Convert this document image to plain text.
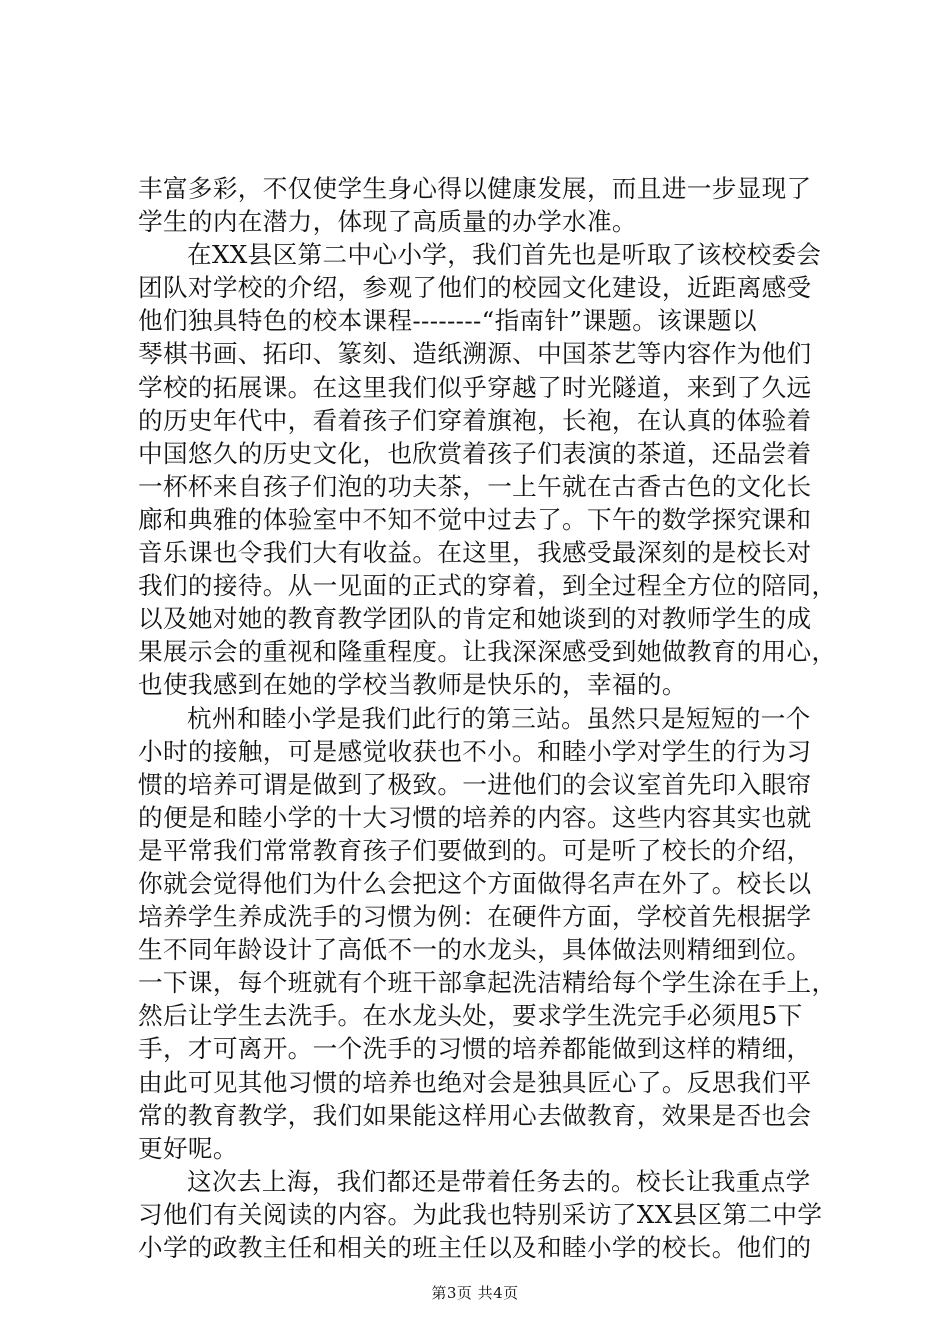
丰富多彩，不仅使学生身心得以健康发展，而且进一步显现了
学生的内在潜力，体现了高质量的办学水准。
在XX县区第二中心小学，我们首先也是听取了该校校委会
团队对学校的介绍，参观了他们的校园文化建设，近距离感受
他们独具特色的校本课程--------“指南针”课题。该课题以
琴棋书画、拓印、篆刻、造纸溯源、中国茶艺等内容作为他们
学校的拓展课。在这里我们似乎穿越了时光隧道，来到了久远
的历史年代中，看着孩子们穿着旗袍，长袍，在认真的体验着
中国悠久的历史文化，也欣赏着孩子们表演的茶道，还品尝着
一杯杯来自孩子们泡的功夫茶，一上午就在古香古色的文化长
廊和典雅的体验室中不知不觉中过去了。下午的数学探究课和
音乐课也令我们大有收益。在这里，我感受最深刻的是校长对
我们的接待。从一见面的正式的穿着，到全过程全方位的陪同，
以及她对她的教育教学团队的肯定和她谈到的对教师学生的成
果展示会的重视和隆重程度。让我深深感受到她做教育的用心，
也使我感到在她的学校当教师是快乐的，幸福的。
杭州和睦小学是我们此行的第三站。虽然只是短短的一个
小时的接触，可是感觉收获也不小。和睦小学对学生的行为习
惯的培养可谓是做到了极致。一进他们的会议室首先印入眼帘
的便是和睦小学的十大习惯的培养的内容。这些内容其实也就
是平常我们常常教育孩子们要做到的。可是听了校长的介绍，
你就会觉得他们为什么会把这个方面做得名声在外了。校长以
培养学生养成洗手的习惯为例：在硬件方面，学校首先根据学
生不同年龄设计了高低不一的水龙头，具体做法则精细到位。
一下课，每个班就有个班干部拿起洗洁精给每个学生涂在手上，
然后让学生去洗手。在水龙头处，要求学生洗完手必须甩5下
手，才可离开。一个洗手的习惯的培养都能做到这样的精细，
由此可见其他习惯的培养也绝对会是独具匠心了。反思我们平
常的教育教学，我们如果能这样用心去做教育，效果是否也会
更好呢。
这次去上海，我们都还是带着任务去的。校长让我重点学
习他们有关阅读的内容。为此我也特别采访了XX县区第二中学
小学的政教主任和相关的班主任以及和睦小学的校长。他们的
第3页 共4页
